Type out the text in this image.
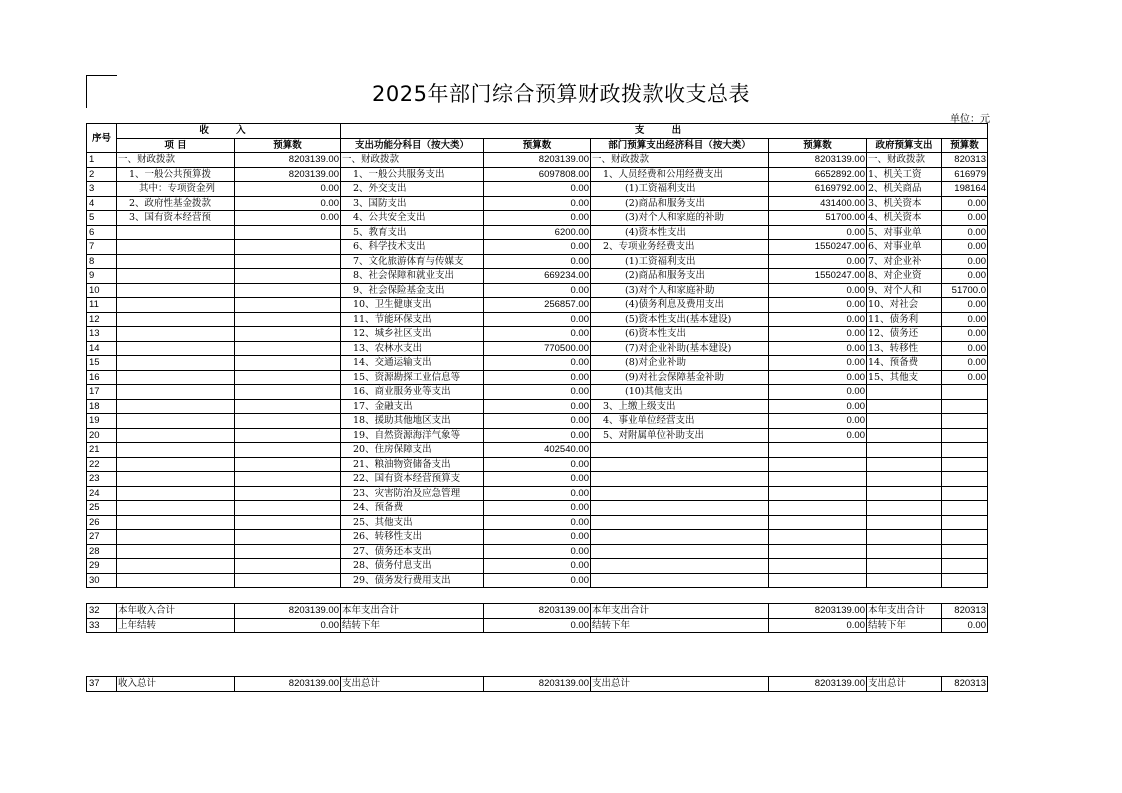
2025年部门综合预算财政拨款收支总表
单位：元
序号	收 入		支 出					
	项 目	预算数	支出功能分科目（按大类）	预算数	部门预算支出经济科目（按大类）	预算数	政府预算支出	预算数
1	一、财政拨款	8203139.00	一、财政拨款	8203139.00	一、财政拨款	8203139.00	一、财政拨款	820313
2	1、一般公共预算拨	8203139.00	1、一般公共服务支出	6097808.00	1、人员经费和公用经费支出	6652892.00	1、机关工资	616979
3	其中：专项资金列	0.00	2、外交支出	0.00	(1)工资福利支出	6169792.00	2、机关商品	198164
4	2、政府性基金拨款	0.00	3、国防支出	0.00	(2)商品和服务支出	431400.00	3、机关资本	0.00
5	3、国有资本经营预	0.00	4、公共安全支出	0.00	(3)对个人和家庭的补助	51700.00	4、机关资本	0.00
6			5、教育支出	6200.00	(4)资本性支出	0.00	5、对事业单	0.00
7			6、科学技术支出	0.00	2、专项业务经费支出	1550247.00	6、对事业单	0.00
8			7、文化旅游体育与传媒支	0.00	(1)工资福利支出	0.00	7、对企业补	0.00
9			8、社会保障和就业支出	669234.00	(2)商品和服务支出	1550247.00	8、对企业资	0.00
10			9、社会保险基金支出	0.00	(3)对个人和家庭补助	0.00	9、对个人和	51700.0
11			10、卫生健康支出	256857.00	(4)债务利息及费用支出	0.00	10、对社会	0.00
12			11、节能环保支出	0.00	(5)资本性支出(基本建设)	0.00	11、债务利	0.00
13			12、城乡社区支出	0.00	(6)资本性支出	0.00	12、债务还	0.00
14			13、农林水支出	770500.00	(7)对企业补助(基本建设)	0.00	13、转移性	0.00
15			14、交通运输支出	0.00	(8)对企业补助	0.00	14、预备费	0.00
16			15、资源勘探工业信息等	0.00	(9)对社会保障基金补助	0.00	15、其他支	0.00
17			16、商业服务业等支出	0.00	(10)其他支出	0.00		
18			17、金融支出	0.00	3、上缴上级支出	0.00		
19			18、援助其他地区支出	0.00	4、事业单位经营支出	0.00		
20			19、自然资源海洋气象等	0.00	5、对附属单位补助支出	0.00		
21			20、住房保障支出	402540.00				
22			21、粮油物资储备支出	0.00				
23			22、国有资本经营预算支	0.00				
24			23、灾害防治及应急管理	0.00				
25			24、预备费	0.00				
26			25、其他支出	0.00				
27			26、转移性支出	0.00				
28			27、债务还本支出	0.00				
29			28、债务付息支出	0.00				
30			29、债务发行费用支出	0.00				
32	本年收入合计	8203139.00	本年支出合计	8203139.00	本年支出合计	8203139.00	本年支出合计	820313
33	上年结转	0.00	结转下年	0.00	结转下年	0.00	结转下年	0.00
37	收入总计	8203139.00	支出总计	8203139.00	支出总计	8203139.00	支出总计	820313
